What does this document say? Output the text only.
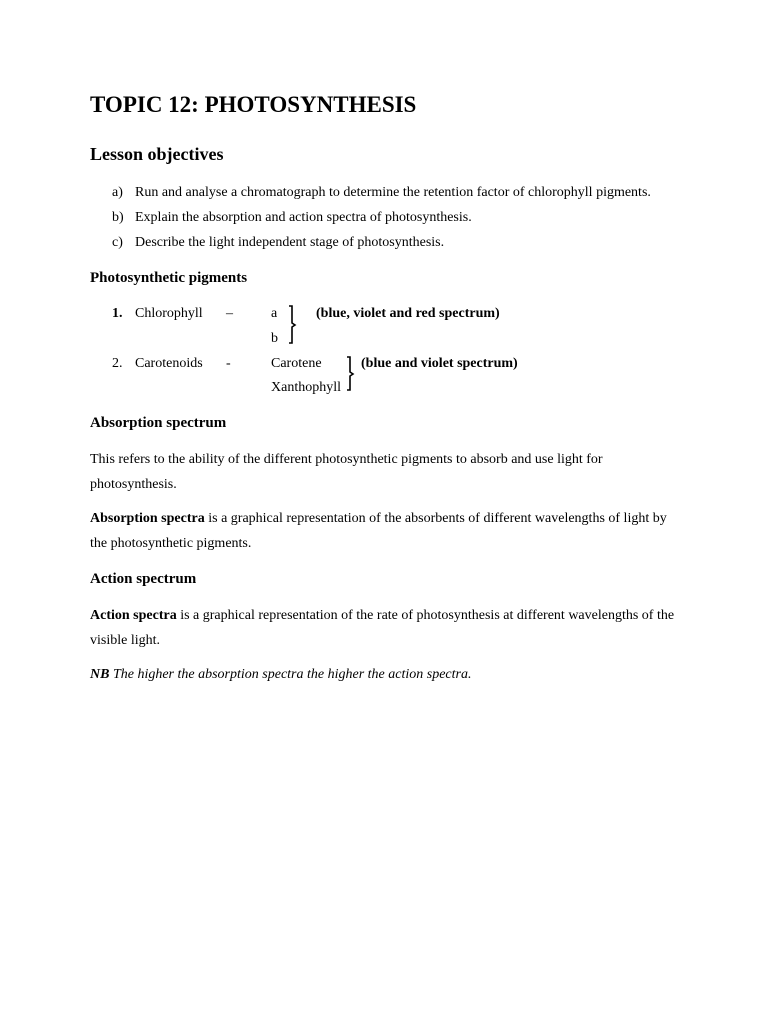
TOPIC 12: PHOTOSYNTHESIS
Lesson objectives
a) Run and analyse a chromatograph to determine the retention factor of chlorophyll pigments.
b) Explain the absorption and action spectra of photosynthesis.
c) Describe the light independent stage of photosynthesis.
Photosynthetic pigments
1. Chlorophyll –	a
b
(blue, violet and red spectrum)
2. Carotenoids -	Carotene
Xanthophyll
(blue and violet spectrum)
Absorption spectrum

This refers to the ability of the different photosynthetic pigments to absorb and use light for photosynthesis.

Absorption spectra is a graphical representation of the absorbents of different wavelengths of light by the photosynthetic pigments.

Action spectrum

Action spectra is a graphical representation of the rate of photosynthesis at different wavelengths of the visible light.

NB The higher the absorption spectra the higher the action spectra.
